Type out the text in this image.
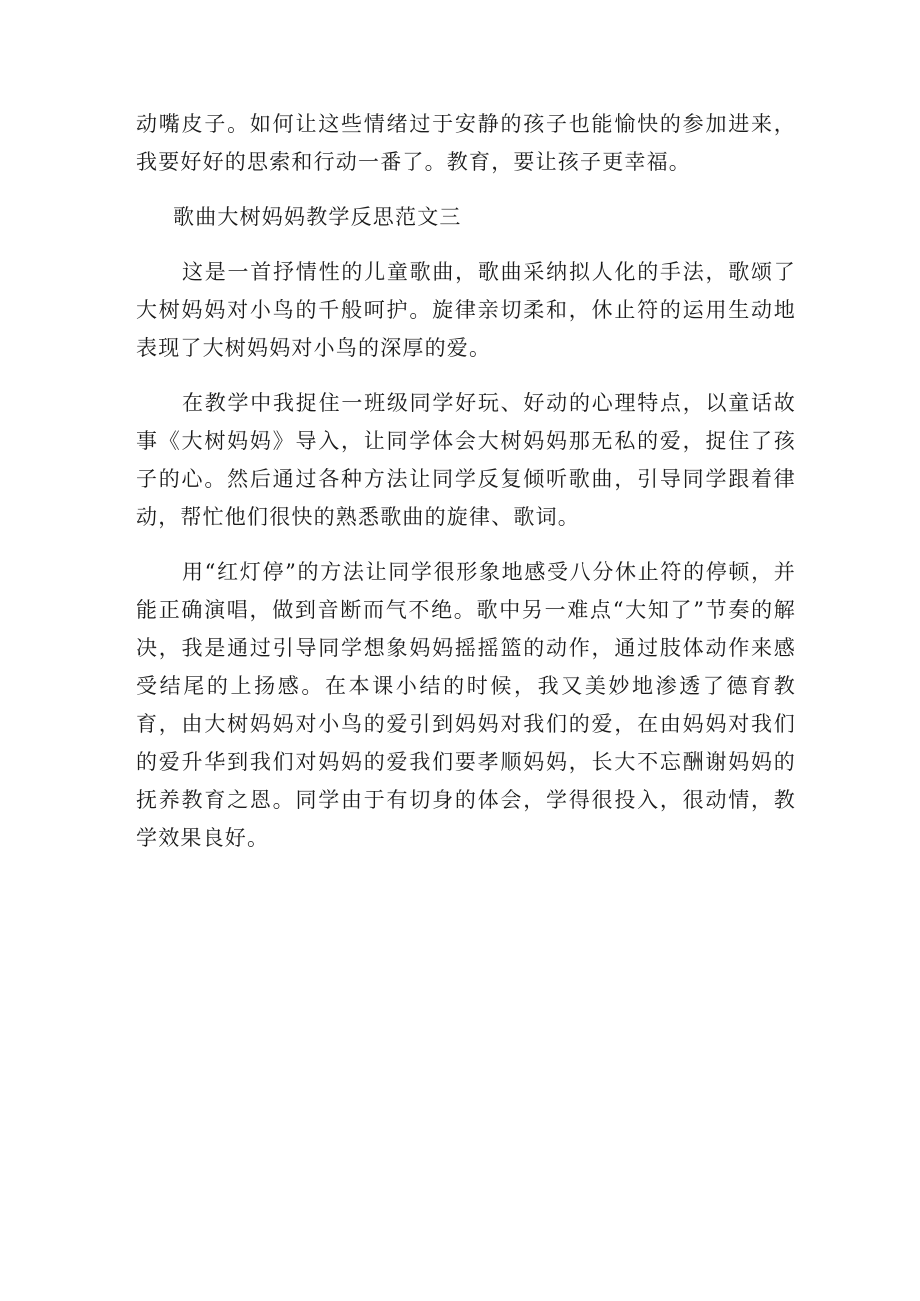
动嘴皮子。如何让这些情绪过于安静的孩子也能愉快的参加进来，我要好好的思索和行动一番了。教育，要让孩子更幸福。

歌曲大树妈妈教学反思范文三

这是一首抒情性的儿童歌曲，歌曲采纳拟人化的手法，歌颂了大树妈妈对小鸟的千般呵护。旋律亲切柔和，休止符的运用生动地表现了大树妈妈对小鸟的深厚的爱。

在教学中我捉住一班级同学好玩、好动的心理特点，以童话故事《大树妈妈》导入，让同学体会大树妈妈那无私的爱，捉住了孩子的心。然后通过各种方法让同学反复倾听歌曲，引导同学跟着律动，帮忙他们很快的熟悉歌曲的旋律、歌词。

用“红灯停”的方法让同学很形象地感受八分休止符的停顿，并能正确演唱，做到音断而气不绝。歌中另一难点“大知了”节奏的解决，我是通过引导同学想象妈妈摇摇篮的动作，通过肢体动作来感受结尾的上扬感。在本课小结的时候，我又美妙地渗透了德育教育，由大树妈妈对小鸟的爱引到妈妈对我们的爱，在由妈妈对我们的爱升华到我们对妈妈的爱我们要孝顺妈妈，长大不忘酬谢妈妈的抚养教育之恩。同学由于有切身的体会，学得很投入，很动情，教学效果良好。
